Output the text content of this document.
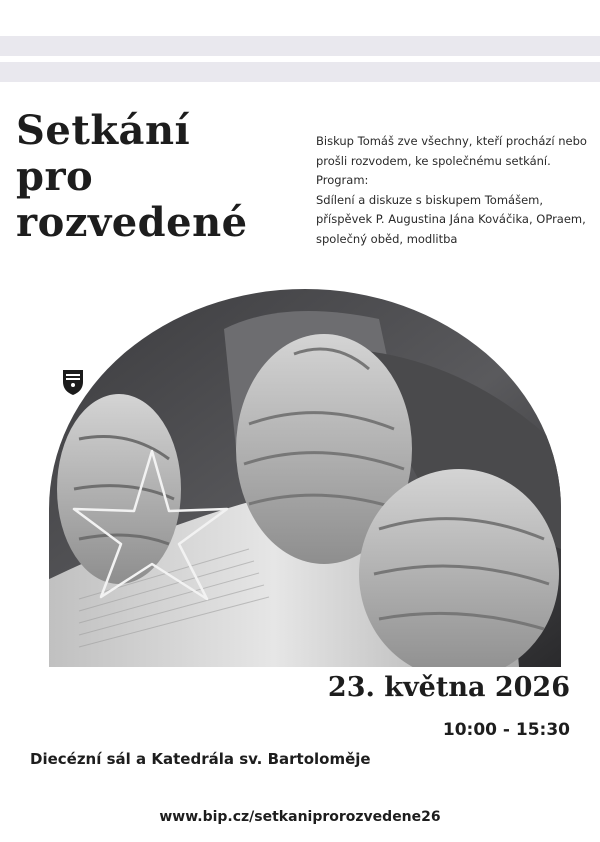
Setkání
pro
rozvedené
Biskup Tomáš zve všechny, kteří prochází nebo
prošli rozvodem, ke společnému setkání.
Program:
Sdílení a diskuze s biskupem Tomášem,
příspěvek P. Augustina Jána Kováčika, OPraem,
společný oběd, modlitba
23. května 2026
10:00 - 15:30
Diecézní sál a Katedrála sv. Bartoloměje
www.bip.cz/setkaniprorozvedene26
